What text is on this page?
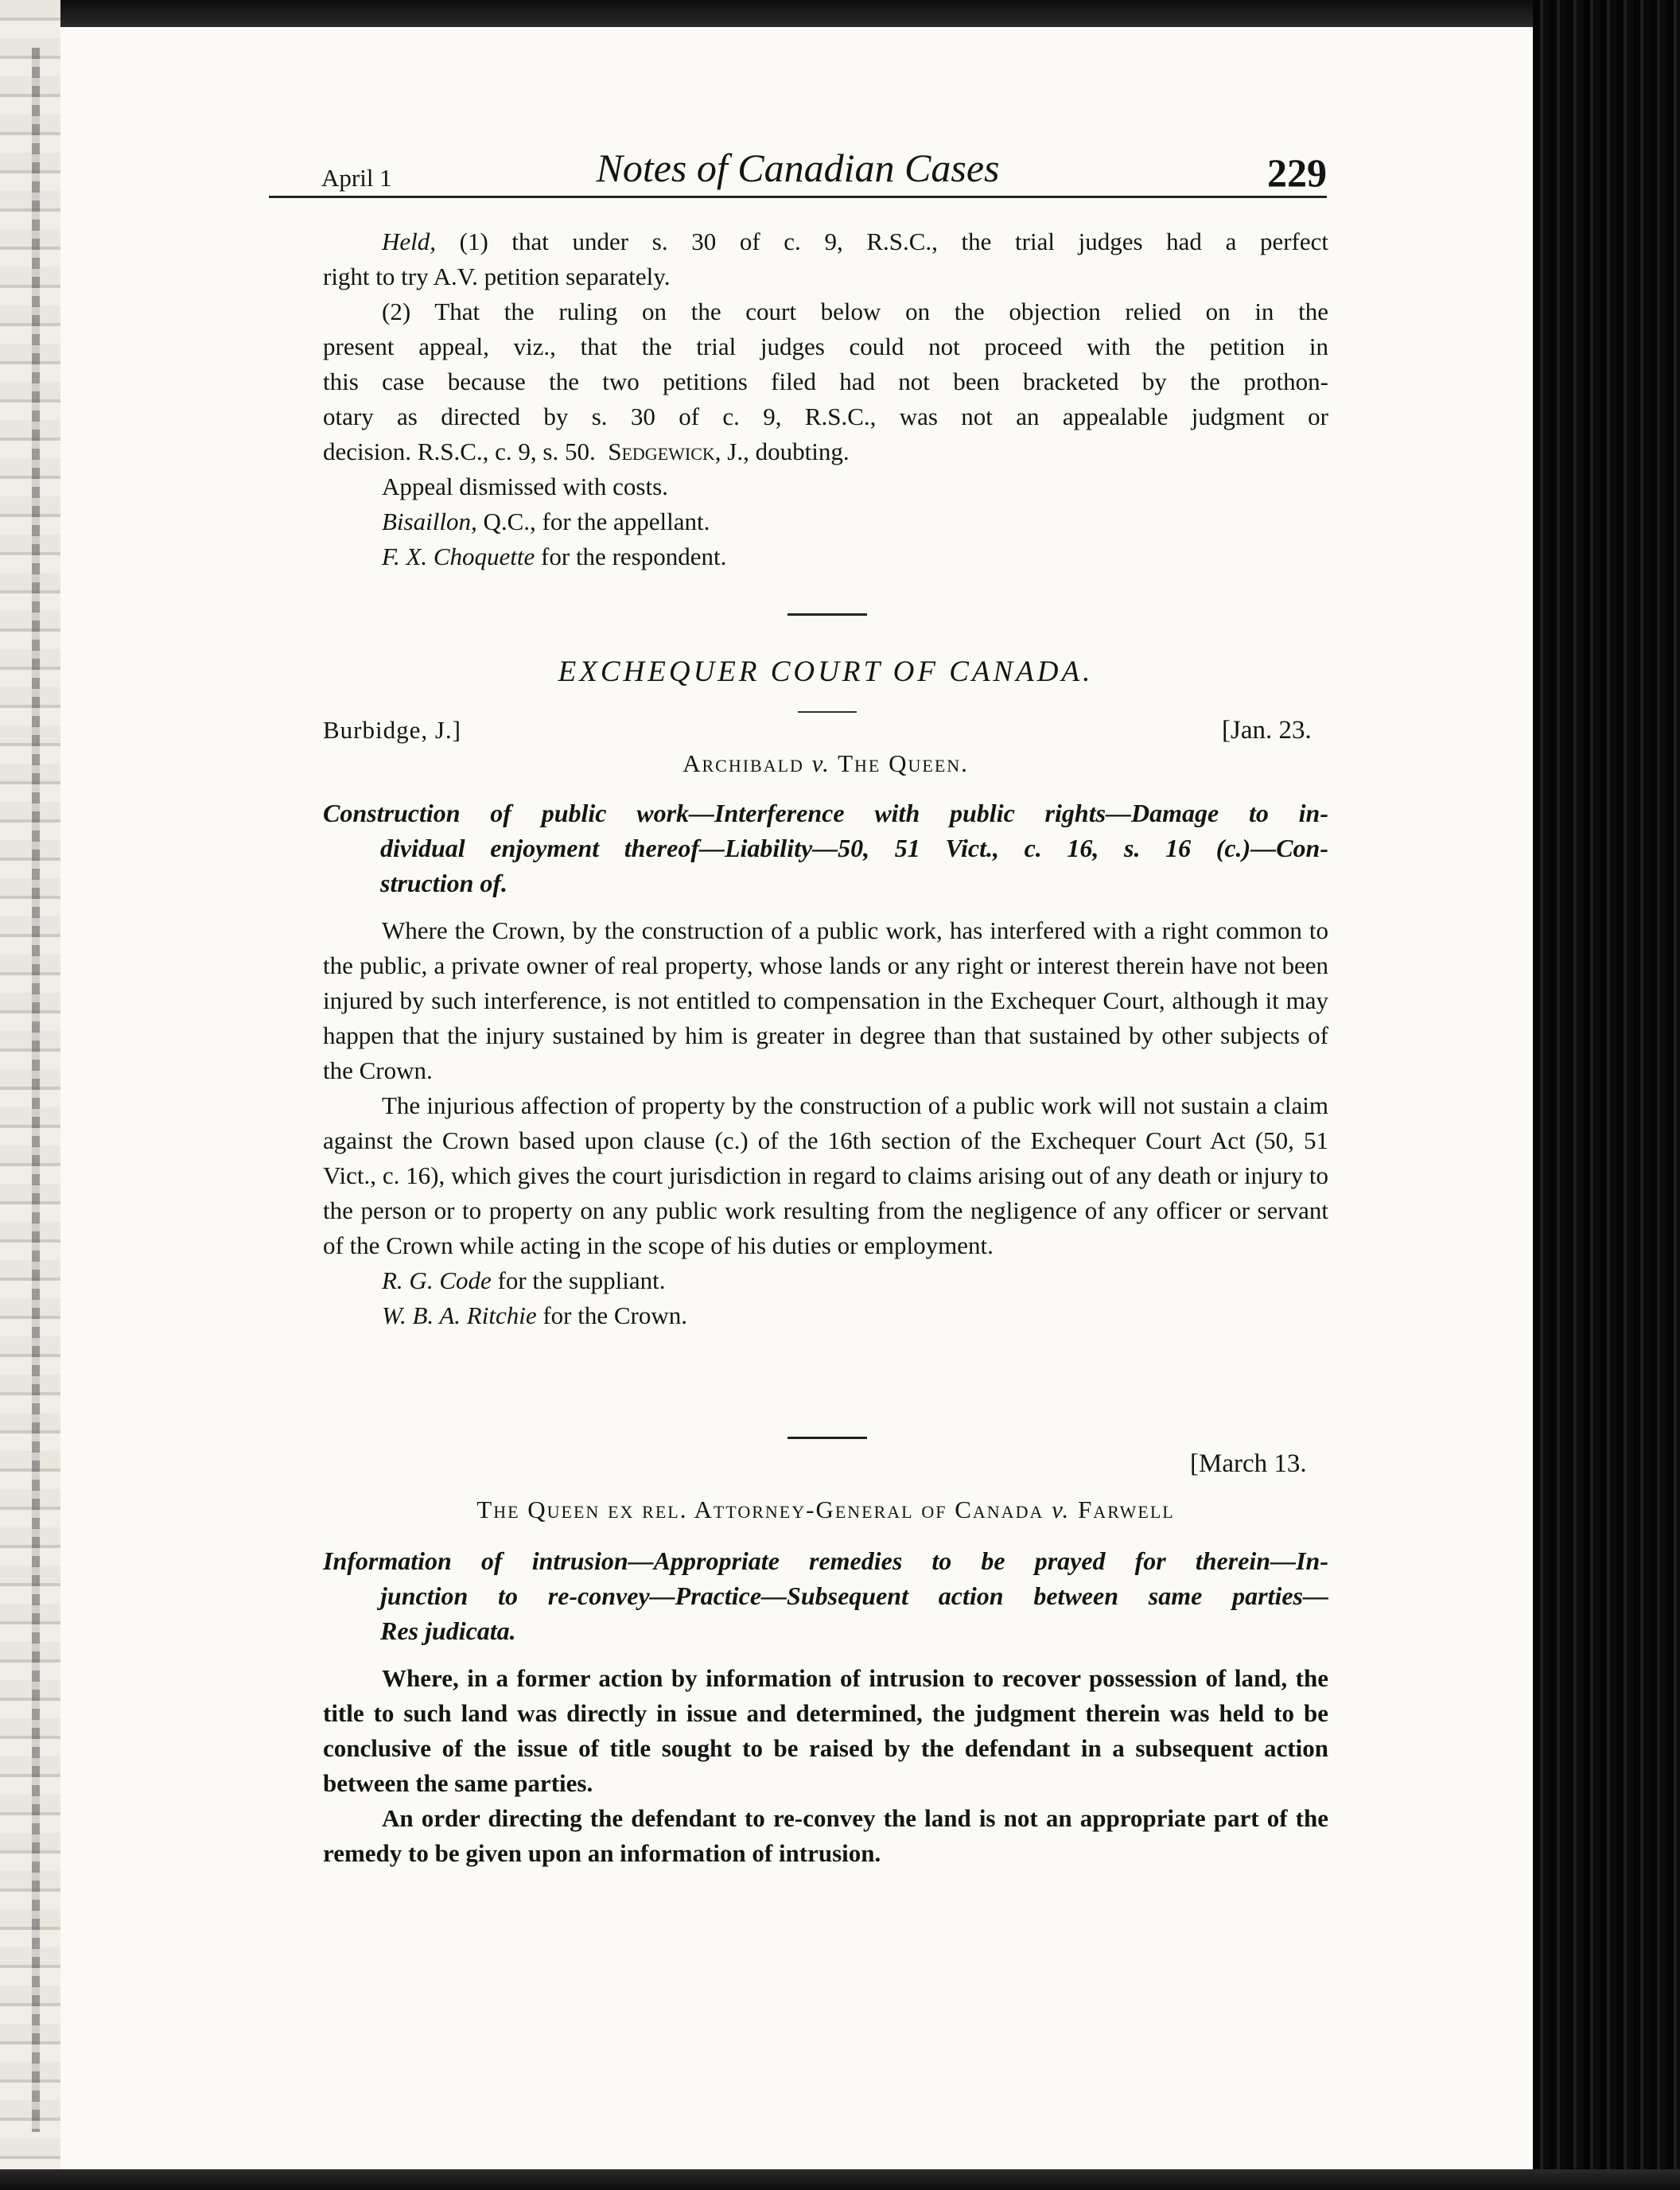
April 1	Notes of Canadian Cases	229
Held, (1) that under s. 30 of c. 9, R.S.C., the trial judges had a perfect
right to try A.V. petition separately.
(2) That the ruling on the court below on the objection relied on in the
present appeal, viz., that the trial judges could not proceed with the petition in
this case because the two petitions filed had not been bracketed by the prothon-
otary as directed by s. 30 of c. 9, R.S.C., was not an appealable judgment or
decision. R.S.C., c. 9, s. 50. Sedgewick, J., doubting.
Appeal dismissed with costs.
Bisaillon, Q.C., for the appellant.
F. X. Choquette for the respondent.
EXCHEQUER COURT OF CANADA.
Burbidge, J.]	[Jan. 23.
Archibald v. The Queen.
Construction of public work—Interference with public rights—Damage to in-
dividual enjoyment thereof—Liability—50, 51 Vict., c. 16, s. 16 (c.)—Con-
struction of.
Where the Crown, by the construction of a public work, has interfered with a right common to the public, a private owner of real property, whose lands or any right or interest therein have not been injured by such interference, is not entitled to compensation in the Exchequer Court, although it may happen that the injury sustained by him is greater in degree than that sustained by other subjects of the Crown.
The injurious affection of property by the construction of a public work will not sustain a claim against the Crown based upon clause (c.) of the 16th section of the Exchequer Court Act (50, 51 Vict., c. 16), which gives the court jurisdiction in regard to claims arising out of any death or injury to the person or to property on any public work resulting from the negligence of any officer or servant of the Crown while acting in the scope of his duties or employment.
R. G. Code for the suppliant.
W. B. A. Ritchie for the Crown.
[March 13.
The Queen ex rel. Attorney-General of Canada v. Farwell
Information of intrusion—Appropriate remedies to be prayed for therein—In-
junction to re-convey—Practice—Subsequent action between same parties—
Res judicata.
Where, in a former action by information of intrusion to recover possession of land, the title to such land was directly in issue and determined, the judgment therein was held to be conclusive of the issue of title sought to be raised by the defendant in a subsequent action between the same parties.
An order directing the defendant to re-convey the land is not an appropriate part of the remedy to be given upon an information of intrusion.
